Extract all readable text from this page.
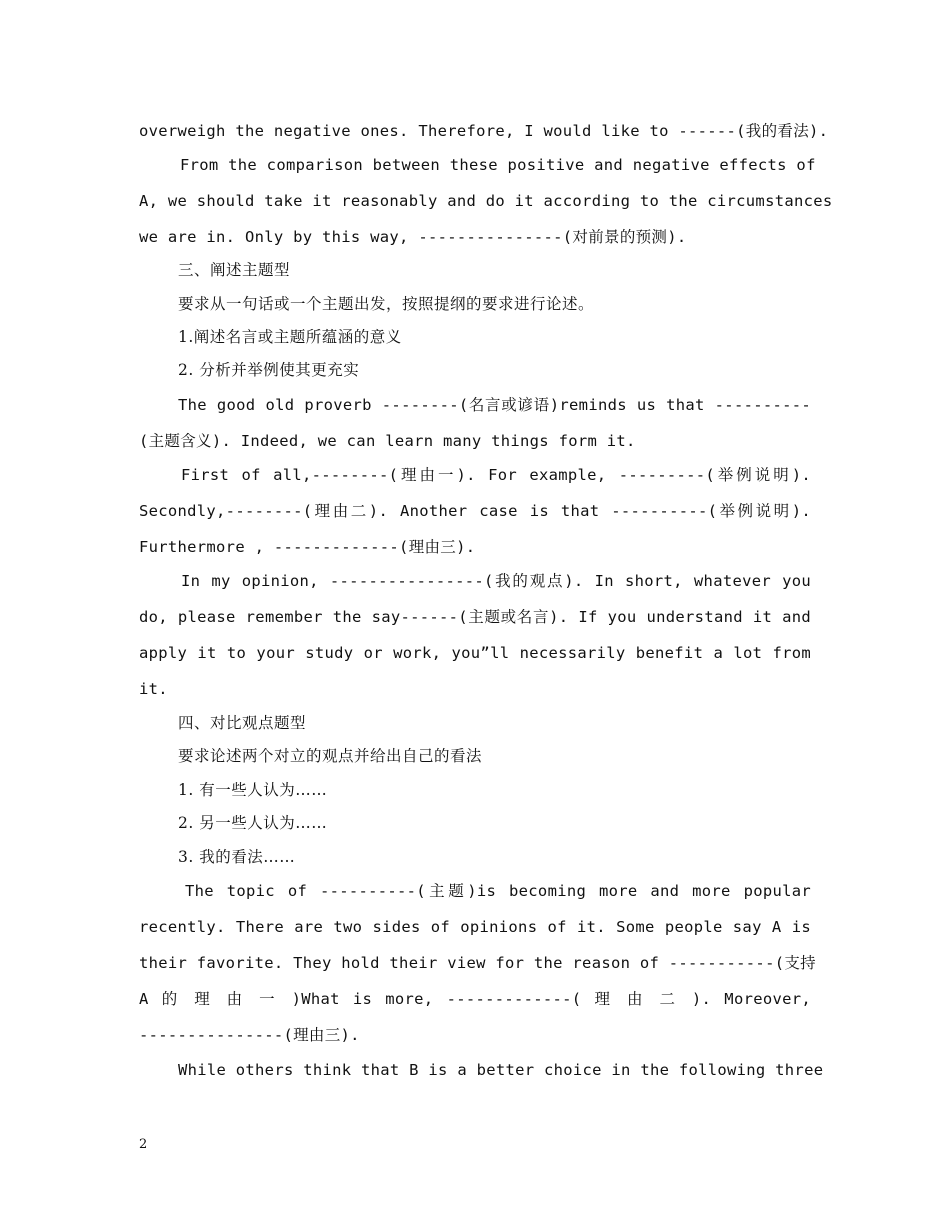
overweigh the negative ones. Therefore, I would like to ------(我的看法).
From the comparison between these positive and negative effects of
A, we should take it reasonably and do it according to the circumstances
we are in. Only by this way, ---------------(对前景的预测).
三、阐述主题型
要求从一句话或一个主题出发，按照提纲的要求进行论述。
1.阐述名言或主题所蕴涵的意义
2. 分析并举例使其更充实
The good old proverb --------(名言或谚语)reminds us that ----------
(主题含义). Indeed, we can learn many things form it.
First of all,--------(理由一). For example, ---------(举例说明).
Secondly,--------(理由二). Another case is that ----------(举例说明).
Furthermore , -------------(理由三).
In my opinion, ----------------(我的观点). In short, whatever you
do, please remember the say------(主题或名言). If you understand it and
apply it to your study or work, you”ll necessarily benefit a lot from
it.
四、对比观点题型
要求论述两个对立的观点并给出自己的看法
1. 有一些人认为……
2. 另一些人认为……
3. 我的看法……
The topic of ----------(主题)is becoming more and more popular
recently. There are two sides of opinions of it. Some people say A is
their favorite. They hold their view for the reason of -----------(支持
A 的 理 由 一 )What is more, -------------( 理 由 二 ). Moreover,
---------------(理由三).
While others think that B is a better choice in the following three
2
